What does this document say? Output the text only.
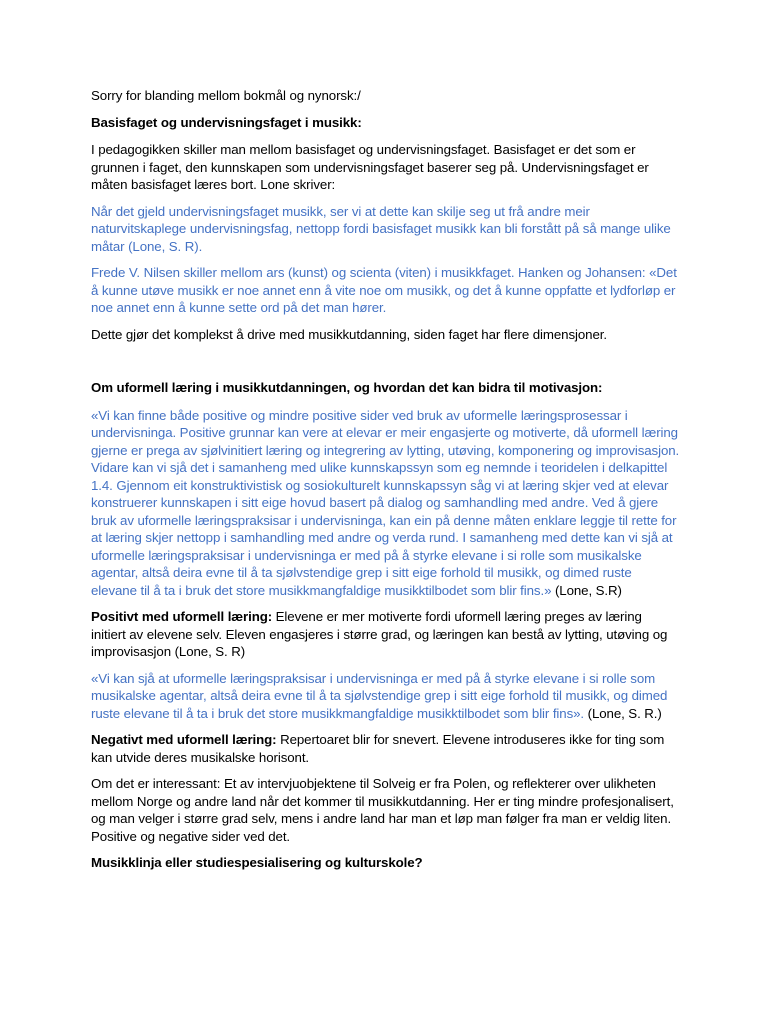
Sorry for blanding mellom bokmål og nynorsk:/

Basisfaget og undervisningsfaget i musikk:

I pedagogikken skiller man mellom basisfaget og undervisningsfaget. Basisfaget er det som er grunnen i faget, den kunnskapen som undervisningsfaget baserer seg på. Undervisningsfaget er måten basisfaget læres bort. Lone skriver:

Når det gjeld undervisningsfaget musikk, ser vi at dette kan skilje seg ut frå andre meir naturvitskaplege undervisningsfag, nettopp fordi basisfaget musikk kan bli forstått på så mange ulike måtar (Lone, S. R).

Frede V. Nilsen skiller mellom ars (kunst) og scienta (viten) i musikkfaget. Hanken og Johansen: «Det å kunne utøve musikk er noe annet enn å vite noe om musikk, og det å kunne oppfatte et lydforløp er noe annet enn å kunne sette ord på det man hører.

Dette gjør det komplekst å drive med musikkutdanning, siden faget har flere dimensjoner.

Om uformell læring i musikkutdanningen, og hvordan det kan bidra til motivasjon:

«Vi kan finne både positive og mindre positive sider ved bruk av uformelle læringsprosessar i undervisninga. Positive grunnar kan vere at elevar er meir engasjerte og motiverte, då uformell læring gjerne er prega av sjølvinitiert læring og integrering av lytting, utøving, komponering og improvisasjon. Vidare kan vi sjå det i samanheng med ulike kunnskapssyn som eg nemnde i teoridelen i delkapittel 1.4. Gjennom eit konstruktivistisk og sosiokulturelt kunnskapssyn såg vi at læring skjer ved at elevar konstruerer kunnskapen i sitt eige hovud basert på dialog og samhandling med andre. Ved å gjere bruk av uformelle læringspraksisar i undervisninga, kan ein på denne måten enklare leggje til rette for at læring skjer nettopp i samhandling med andre og verda rund. I samanheng med dette kan vi sjå at uformelle læringspraksisar i undervisninga er med på å styrke elevane i si rolle som musikalske agentar, altså deira evne til å ta sjølvstendige grep i sitt eige forhold til musikk, og dimed ruste elevane til å ta i bruk det store musikkmangfaldige musikktilbodet som blir fins.» (Lone, S.R)

Positivt med uformell læring: Elevene er mer motiverte fordi uformell læring preges av læring initiert av elevene selv. Eleven engasjeres i større grad, og læringen kan bestå av lytting, utøving og improvisasjon (Lone, S. R)

«Vi kan sjå at uformelle læringspraksisar i undervisninga er med på å styrke elevane i si rolle som musikalske agentar, altså deira evne til å ta sjølvstendige grep i sitt eige forhold til musikk, og dimed ruste elevane til å ta i bruk det store musikkmangfaldige musikktilbodet som blir fins». (Lone, S. R.)

Negativt med uformell læring: Repertoaret blir for snevert. Elevene introduseres ikke for ting som kan utvide deres musikalske horisont.

Om det er interessant: Et av intervjuobjektene til Solveig er fra Polen, og reflekterer over ulikheten mellom Norge og andre land når det kommer til musikkutdanning. Her er ting mindre profesjonalisert, og man velger i større grad selv, mens i andre land har man et løp man følger fra man er veldig liten. Positive og negative sider ved det.

Musikklinja eller studiespesialisering og kulturskole?
